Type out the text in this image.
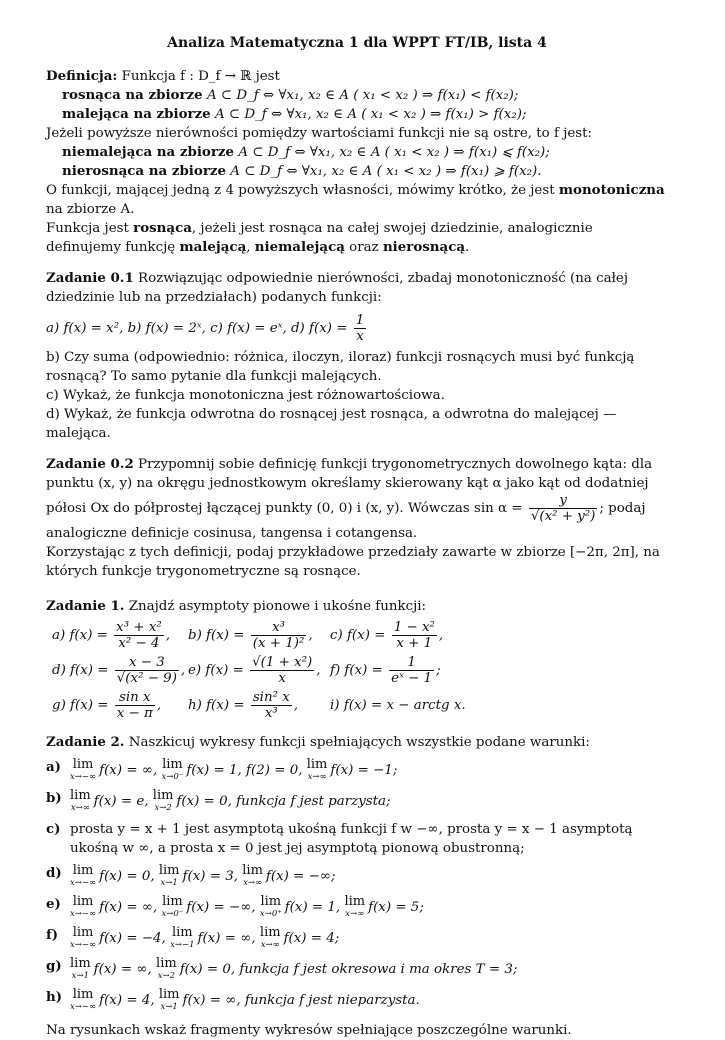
Analiza Matematyczna 1 dla WPPT FT/IB, lista 4

Definicja: Funkcja f : D_f → ℝ jest

rosnąca na zbiorze A ⊂ D_f ⇔ ∀x₁, x₂ ∈ A ( x₁ < x₂ ) ⇒ f(x₁) < f(x₂);

malejąca na zbiorze A ⊂ D_f ⇔ ∀x₁, x₂ ∈ A ( x₁ < x₂ ) ⇒ f(x₁) > f(x₂);

Jeżeli powyższe nierówności pomiędzy wartościami funkcji nie są ostre, to f jest:

niemalejąca na zbiorze A ⊂ D_f ⇔ ∀x₁, x₂ ∈ A ( x₁ < x₂ ) ⇒ f(x₁) ⩽ f(x₂);

nierosnąca na zbiorze A ⊂ D_f ⇔ ∀x₁, x₂ ∈ A ( x₁ < x₂ ) ⇒ f(x₁) ⩾ f(x₂).

O funkcji, mającej jedną z 4 powyższych własności, mówimy krótko, że jest monotoniczna na zbiorze A.

Funkcja jest rosnąca, jeżeli jest rosnąca na całej swojej dziedzinie, analogicznie definujemy funkcję malejącą, niemalejącą oraz nierosnącą.

Zadanie 0.1 Rozwiązując odpowiednie nierówności, zbadaj monotoniczność (na całej dziedzinie lub na przedziałach) podanych funkcji:

a) f(x) = x², b) f(x) = 2ˣ, c) f(x) = eˣ, d) $f(x) = \frac{1}{x}$

b) Czy suma (odpowiednio: różnica, iloczyn, iloraz) funkcji rosnących musi być funkcją rosnącą? To samo pytanie dla funkcji malejących.

c) Wykaż, że funkcja monotoniczna jest różnowartościowa.

d) Wykaż, że funkcja odwrotna do rosnącej jest rosnąca, a odwrotna do malejącej — malejąca.

Zadanie 0.2 Przypomnij sobie definicję funkcji trygonometrycznych dowolnego kąta: dla punktu (x, y) na okręgu jednostkowym określamy skierowany kąt α jako kąt od dodatniej półosi Ox do półprostej łączącej punkty (0, 0) i (x, y). Wówczas $\sin \alpha = \frac{y}{\text{√(x² + y²)}}$ ; podaj analogiczne definicje cosinusa, tangensa i cotangensa.

Korzystając z tych definicji, podaj przykładowe przedziały zawarte w zbiorze [−2π, 2π], na których funkcje trygonometryczne są rosnące.

Zadanie 1. Znajdź asymptoty pionowe i ukośne funkcji:

a) $f(x) = \frac{\text{x³ + x²}}{\text{x² − 4}}$ ,	b) $f(x) = \frac{\text{x³}}{\text{(x + 1)²}}$ ,	c) $f(x) = \frac{\text{1 − x²}}{x + 1}$ ,
d) $f(x) = \frac{x - 3}{\text{√(x² − 9)}}$ , e) $f(x) = \frac{\text{√(1 + x²)}}{x}$ , f) $f(x) = \frac{1}{\text{eˣ − 1}}$ ;
g) $f(x) = \frac{\text{sin x}}{x - \pi}$ ,	h) $f(x) = \frac{\text{sin² x}}{\text{x³}}$ ,	i) f(x) = x − arctg x.

Zadanie 2. Naszkicuj wykresy funkcji spełniających wszystkie podane warunki:

a) lim
x→−∞ f(x) = ∞, lim
x→0⁻ f(x) = 1, f(2) = 0, lim
x→∞ f(x) = −1;
b) lim
x→∞ f(x) = e, lim
x→2 f(x) = 0, funkcja f jest parzysta;
c) prosta y = x + 1 jest asymptotą ukośną funkcji f w −∞, prosta y = x − 1 asymptotą ukośną w ∞, a prosta x = 0 jest jej asymptotą pionową obustronną;
d) lim
x→−∞ f(x) = 0, lim
x→1 f(x) = 3, lim
x→∞ f(x) = −∞;
e) lim
x→−∞ f(x) = ∞, lim
x→0⁻ f(x) = −∞, lim
x→0⁺ f(x) = 1, lim
x→∞ f(x) = 5;
f)	lim
x→−∞ f(x) = −4, lim
x→−1 f(x) = ∞, lim
x→∞ f(x) = 4;
g) lim
x→1 f(x) = ∞, lim
x→2 f(x) = 0, funkcja f jest okresowa i ma okres T = 3;
h) lim
x→−∞ f(x) = 4, lim
x→1 f(x) = ∞, funkcja f jest nieparzysta.

Na rysunkach wskaż fragmenty wykresów spełniające poszczególne warunki.
